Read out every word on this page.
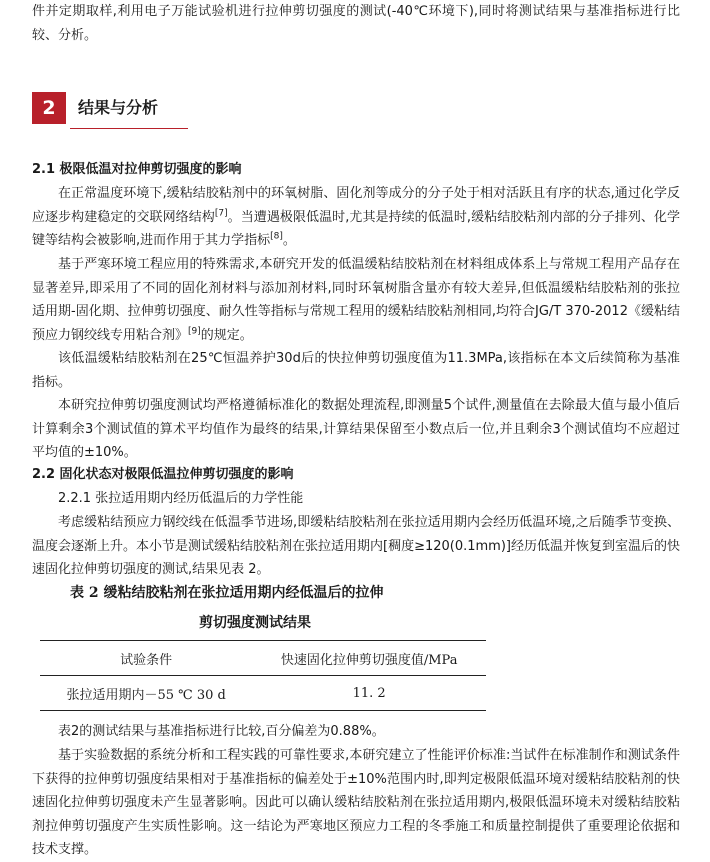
件并定期取样,利用电子万能试验机进行拉伸剪切强度的测试(-40℃环境下),同时将测试结果与基准指标进行比较、分析。

2	结果与分析

2.1 极限低温对拉伸剪切强度的影响

在正常温度环境下,缓粘结胶粘剂中的环氧树脂、固化剂等成分的分子处于相对活跃且有序的状态,通过化学反应逐步构建稳定的交联网络结构[7]。当遭遇极限低温时,尤其是持续的低温时,缓粘结胶粘剂内部的分子排列、化学键等结构会被影响,进而作用于其力学指标[8]。

基于严寒环境工程应用的特殊需求,本研究开发的低温缓粘结胶粘剂在材料组成体系上与常规工程用产品存在显著差异,即采用了不同的固化剂材料与添加剂材料,同时环氧树脂含量亦有较大差异,但低温缓粘结胶粘剂的张拉适用期-固化期、拉伸剪切强度、耐久性等指标与常规工程用的缓粘结胶粘剂相同,均符合JG/T 370-2012《缓粘结预应力钢绞线专用粘合剂》[9]的规定。

该低温缓粘结胶粘剂在25℃恒温养护30d后的快拉伸剪切强度值为11.3MPa,该指标在本文后续简称为基准指标。

本研究拉伸剪切强度测试均严格遵循标准化的数据处理流程,即测量5个试件,测量值在去除最大值与最小值后计算剩余3个测试值的算术平均值作为最终的结果,计算结果保留至小数点后一位,并且剩余3个测试值均不应超过平均值的±10%。

2.2 固化状态对极限低温拉伸剪切强度的影响

2.2.1 张拉适用期内经历低温后的力学性能

考虑缓粘结预应力钢绞线在低温季节进场,即缓粘结胶粘剂在张拉适用期内会经历低温环境,之后随季节变换、温度会逐渐上升。本小节是测试缓粘结胶粘剂在张拉适用期内[稠度≥120(0.1mm)]经历低温并恢复到室温后的快速固化拉伸剪切强度的测试,结果见表 2。

表 2 缓粘结胶粘剂在张拉适用期内经低温后的拉伸

剪切强度测试结果

试验条件	快速固化拉伸剪切强度值/MPa
张拉适用期内－55 ℃ 30 d	11. 2

表2的测试结果与基准指标进行比较,百分偏差为0.88%。

基于实验数据的系统分析和工程实践的可靠性要求,本研究建立了性能评价标准:当试件在标准制作和测试条件下获得的拉伸剪切强度结果相对于基准指标的偏差处于±10%范围内时,即判定极限低温环境对缓粘结胶粘剂的快速固化拉伸剪切强度未产生显著影响。因此可以确认缓粘结胶粘剂在张拉适用期内,极限低温环境未对缓粘结胶粘剂拉伸剪切强度产生实质性影响。这一结论为严寒地区预应力工程的冬季施工和质量控制提供了重要理论依据和技术支撑。
